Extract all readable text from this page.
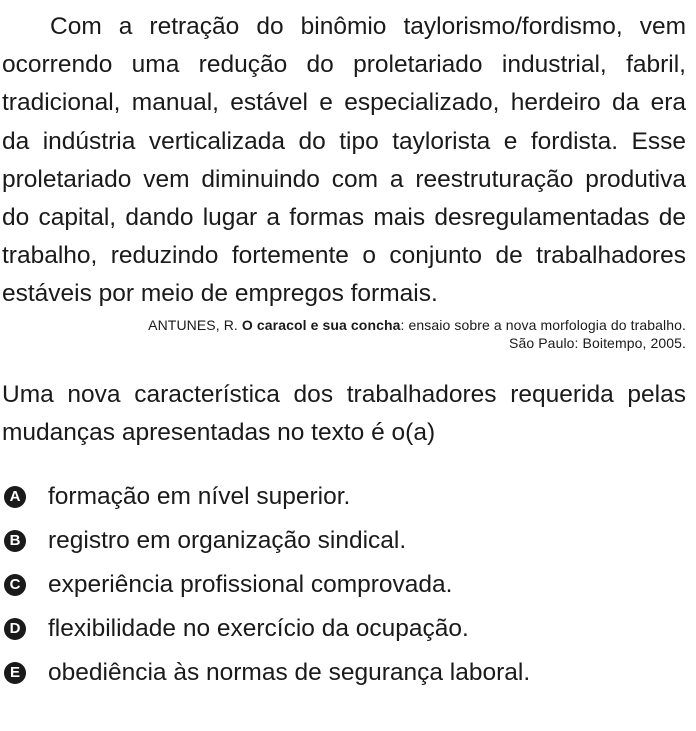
Com a retração do binômio taylorismo/fordismo, vem ocorrendo uma redução do proletariado industrial, fabril, tradicional, manual, estável e especializado, herdeiro da era da indústria verticalizada do tipo taylorista e fordista. Esse proletariado vem diminuindo com a reestruturação produtiva do capital, dando lugar a formas mais desregulamentadas de trabalho, reduzindo fortemente o conjunto de trabalhadores estáveis por meio de empregos formais.

ANTUNES, R. O caracol e sua concha: ensaio sobre a nova morfologia do trabalho.
São Paulo: Boitempo, 2005.

Uma nova característica dos trabalhadores requerida pelas mudanças apresentadas no texto é o(a)

A formação em nível superior.
B registro em organização sindical.
C experiência profissional comprovada.
D flexibilidade no exercício da ocupação.
E obediência às normas de segurança laboral.
